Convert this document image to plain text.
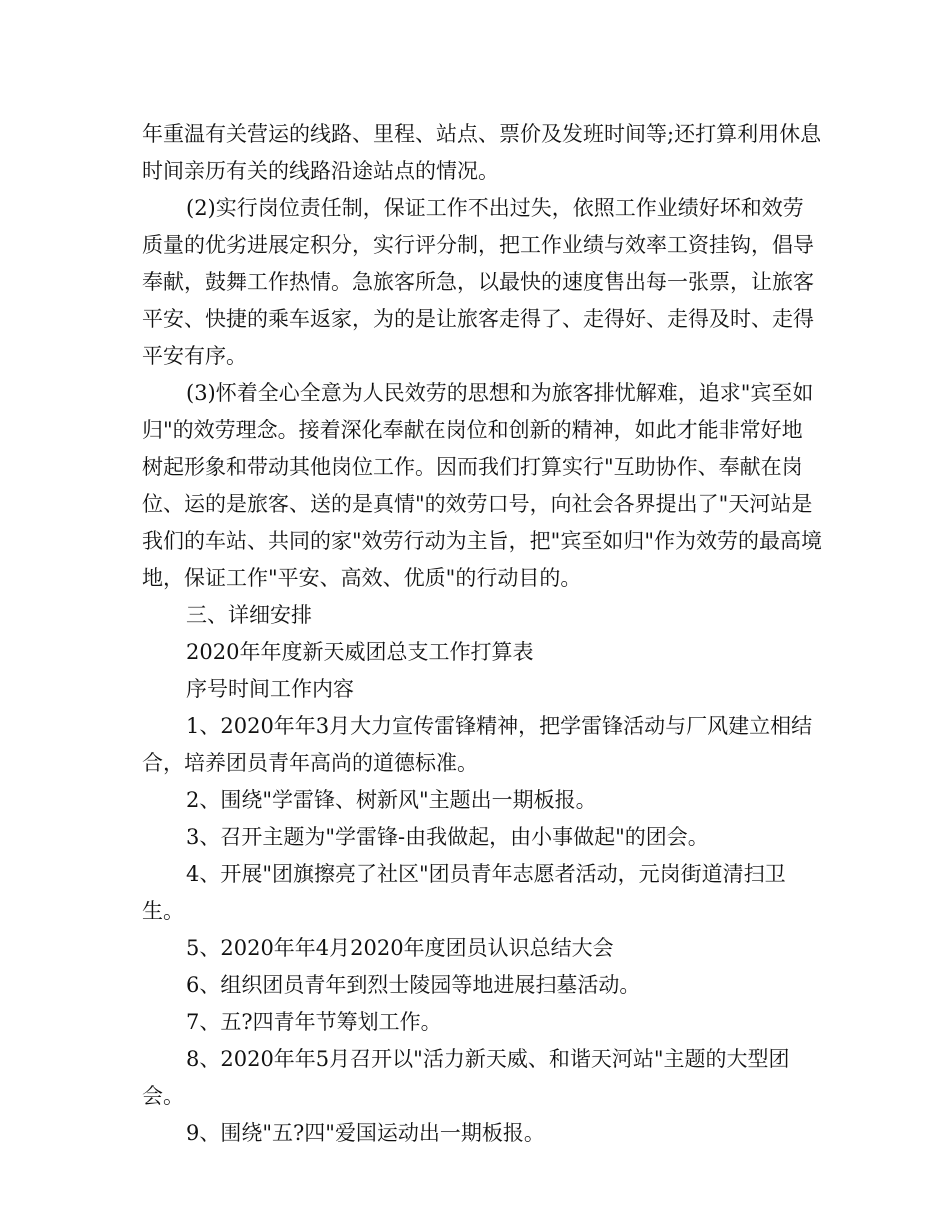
年重温有关营运的线路、里程、站点、票价及发班时间等;还打算利用休息时间亲历有关的线路沿途站点的情况。

(2)实行岗位责任制，保证工作不出过失，依照工作业绩好坏和效劳质量的优劣进展定积分，实行评分制，把工作业绩与效率工资挂钩，倡导奉献，鼓舞工作热情。急旅客所急，以最快的速度售出每一张票，让旅客平安、快捷的乘车返家，为的是让旅客走得了、走得好、走得及时、走得平安有序。

(3)怀着全心全意为人民效劳的思想和为旅客排忧解难，追求"宾至如归"的效劳理念。接着深化奉献在岗位和创新的精神，如此才能非常好地树起形象和带动其他岗位工作。因而我们打算实行"互助协作、奉献在岗位、运的是旅客、送的是真情"的效劳口号，向社会各界提出了"天河站是我们的车站、共同的家"效劳行动为主旨，把"宾至如归"作为效劳的最高境地，保证工作"平安、高效、优质"的行动目的。

三、详细安排

2020年年度新天威团总支工作打算表

序号时间工作内容

1、2020年年3月大力宣传雷锋精神，把学雷锋活动与厂风建立相结合，培养团员青年高尚的道德标准。

2、围绕"学雷锋、树新风"主题出一期板报。

3、召开主题为"学雷锋-由我做起，由小事做起"的团会。

4、开展"团旗擦亮了社区"团员青年志愿者活动，元岗街道清扫卫生。

5、2020年年4月2020年度团员认识总结大会

6、组织团员青年到烈士陵园等地进展扫墓活动。

7、五?四青年节筹划工作。

8、2020年年5月召开以"活力新天威、和谐天河站"主题的大型团会。

9、围绕"五?四"爱国运动出一期板报。
